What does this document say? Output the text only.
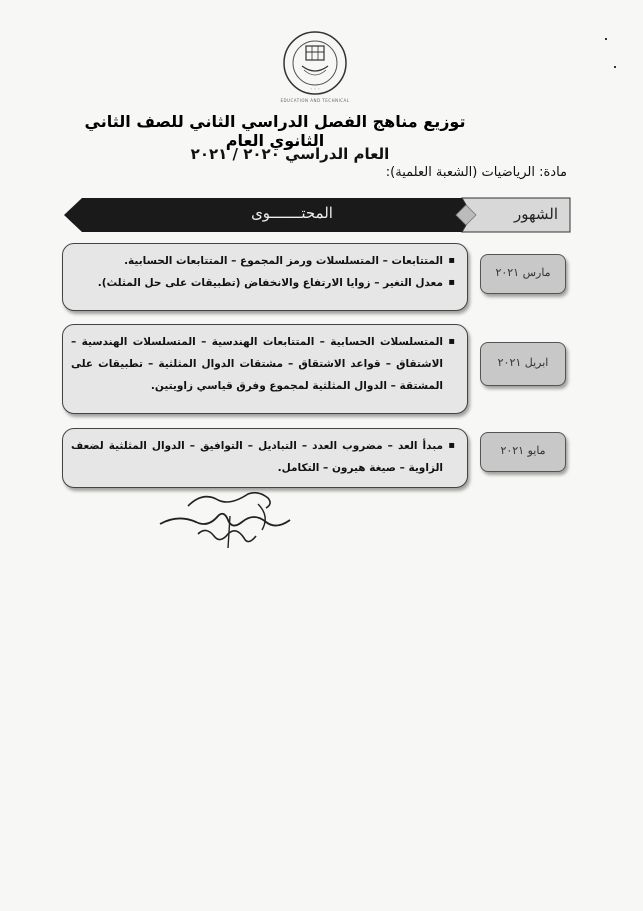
◦ ◦ ◦
EDUCATION AND TECHNICAL
توزيع مناهج الفصل الدراسي الثاني للصف الثاني الثانوي العام
العام الدراسي ٢٠٢٠ / ٢٠٢١
مادة: الرياضيات (الشعبة العلمية):
الشهور
المحتـــــــوى
▪ المتتابعات – المتسلسلات ورمز المجموع – المتتابعات الحسابية.
▪ معدل التغير – زوايا الارتفاع والانخفاض (تطبيقات على حل المثلث).
مارس ٢٠٢١
▪ المتسلسلات الحسابية – المتتابعات الهندسية – المتسلسلات الهندسية – الاشتقاق – قواعد الاشتقاق – مشتقات الدوال المثلثية – تطبيقات على المشتقة – الدوال المثلثية لمجموع وفرق قياسي زاويتين.
ابريل ٢٠٢١
▪ مبدأ العد – مضروب العدد – التباديل – التوافيق – الدوال المثلثية لضعف الزاوية – صيغة هيرون – التكامل.
مايو ٢٠٢١
